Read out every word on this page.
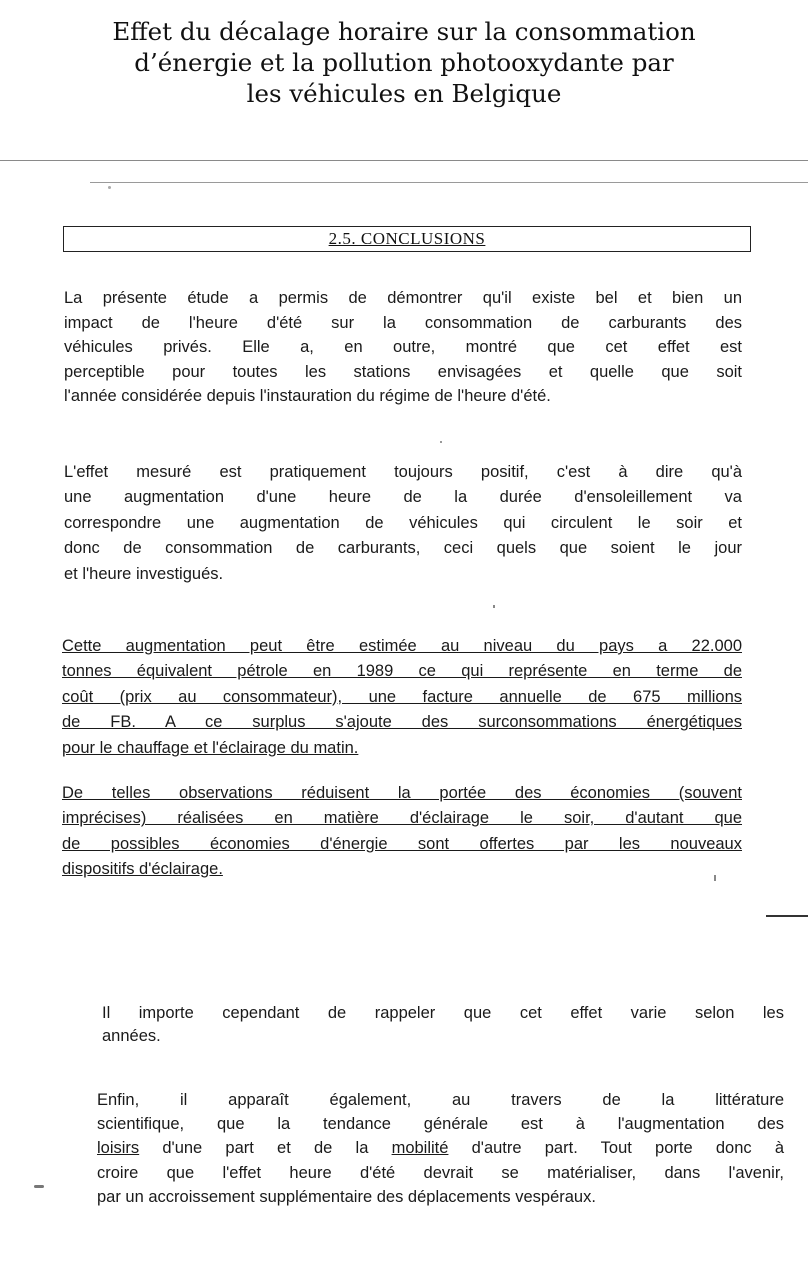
Effet du décalage horaire sur la consommation
d’énergie et la pollution photooxydante par
les véhicules en Belgique
2.5. CONCLUSIONS
La présente étude a permis de démontrer qu'il existe bel et bien un
impact de l'heure d'été sur la consommation de carburants des
véhicules privés. Elle a, en outre, montré que cet effet est
perceptible pour toutes les stations envisagées et quelle que soit
l'année considérée depuis l'instauration du régime de l'heure d'été.
L'effet mesuré est pratiquement toujours positif, c'est à dire qu'à
une augmentation d'une heure de la durée d'ensoleillement va
correspondre une augmentation de véhicules qui circulent le soir et
donc de consommation de carburants, ceci quels que soient le jour
et l'heure investigués.
Cette augmentation peut être estimée au niveau du pays a 22.000
tonnes équivalent pétrole en 1989 ce qui représente en terme de
coût (prix au consommateur), une facture annuelle de 675 millions
de FB. A ce surplus s'ajoute des surconsommations énergétiques
pour le chauffage et l'éclairage du matin.
De telles observations réduisent la portée des économies (souvent
imprécises) réalisées en matière d'éclairage le soir, d'autant que
de possibles économies d'énergie sont offertes par les nouveaux
dispositifs d'éclairage.
Il importe cependant de rappeler que cet effet varie selon les
années.
Enfin, il apparaît également, au travers de la littérature
scientifique, que la tendance générale est à l'augmentation des
loisirs d'une part et de la mobilité d'autre part. Tout porte donc à
croire que l'effet heure d'été devrait se matérialiser, dans l'avenir,
par un accroissement supplémentaire des déplacements vespéraux.
